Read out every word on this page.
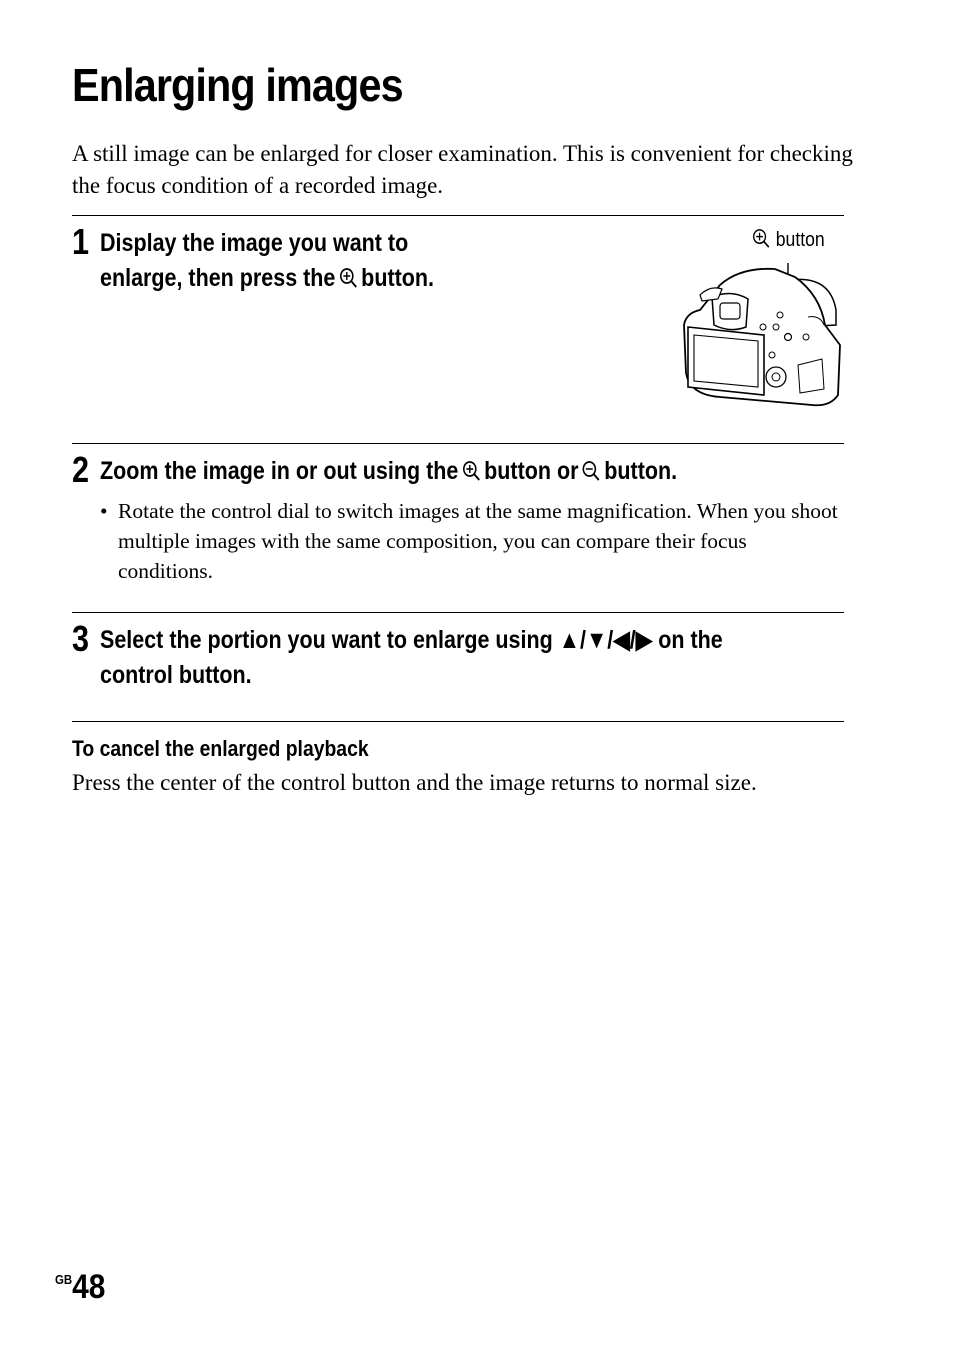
Enlarging images

A still image can be enlarged for closer examination. This is convenient for checking the focus condition of a recorded image.

1 Display the image you want to
enlarge, then press the button.

button
2 Zoom the image in or out using the button or button.

• Rotate the control dial to switch images at the same magnification. When you shoot multiple images with the same composition, you can compare their focus conditions.
3 Select the portion you want to enlarge using ▲/▼/◀/▶ on the
control button.

To cancel the enlarged playback

Press the center of the control button and the image returns to normal size.

$^{GB}$48
